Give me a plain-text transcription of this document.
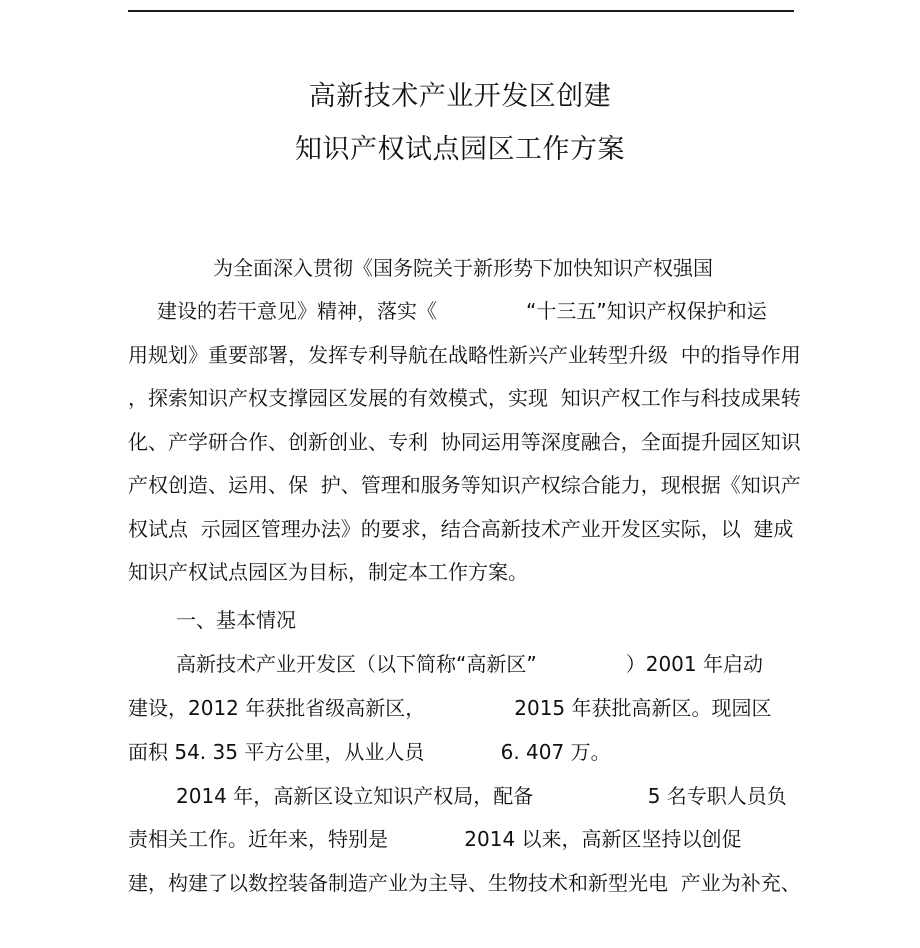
高新技术产业开发区创建
知识产权试点园区工作方案
为全面深入贯彻《国务院关于新形势下加快知识产权强国
建设的若干意见》精神，落实《              “十三五”知识产权保护和运
用规划》重要部署，发挥专利导航在战略性新兴产业转型升级  中的指导作用
，探索知识产权支撑园区发展的有效模式，实现  知识产权工作与科技成果转
化、产学研合作、创新创业、专利  协同运用等深度融合，全面提升园区知识
产权创造、运用、保  护、管理和服务等知识产权综合能力，现根据《知识产
权试点  示园区管理办法》的要求，结合高新技术产业开发区实际，以  建成
知识产权试点园区为目标，制定本工作方案。
一、基本情况
高新技术产业开发区（以下简称“高新区”              ）2001 年启动
建设，2012 年获批省级高新区，              2015 年获批高新区。现园区
面积 54. 35 平方公里，从业人员            6. 407 万。
2014 年，高新区设立知识产权局，配备                  5 名专职人员负
责相关工作。近年来，特别是            2014 以来，高新区坚持以创促
建，构建了以数控装备制造产业为主导、生物技术和新型光电  产业为补充、
